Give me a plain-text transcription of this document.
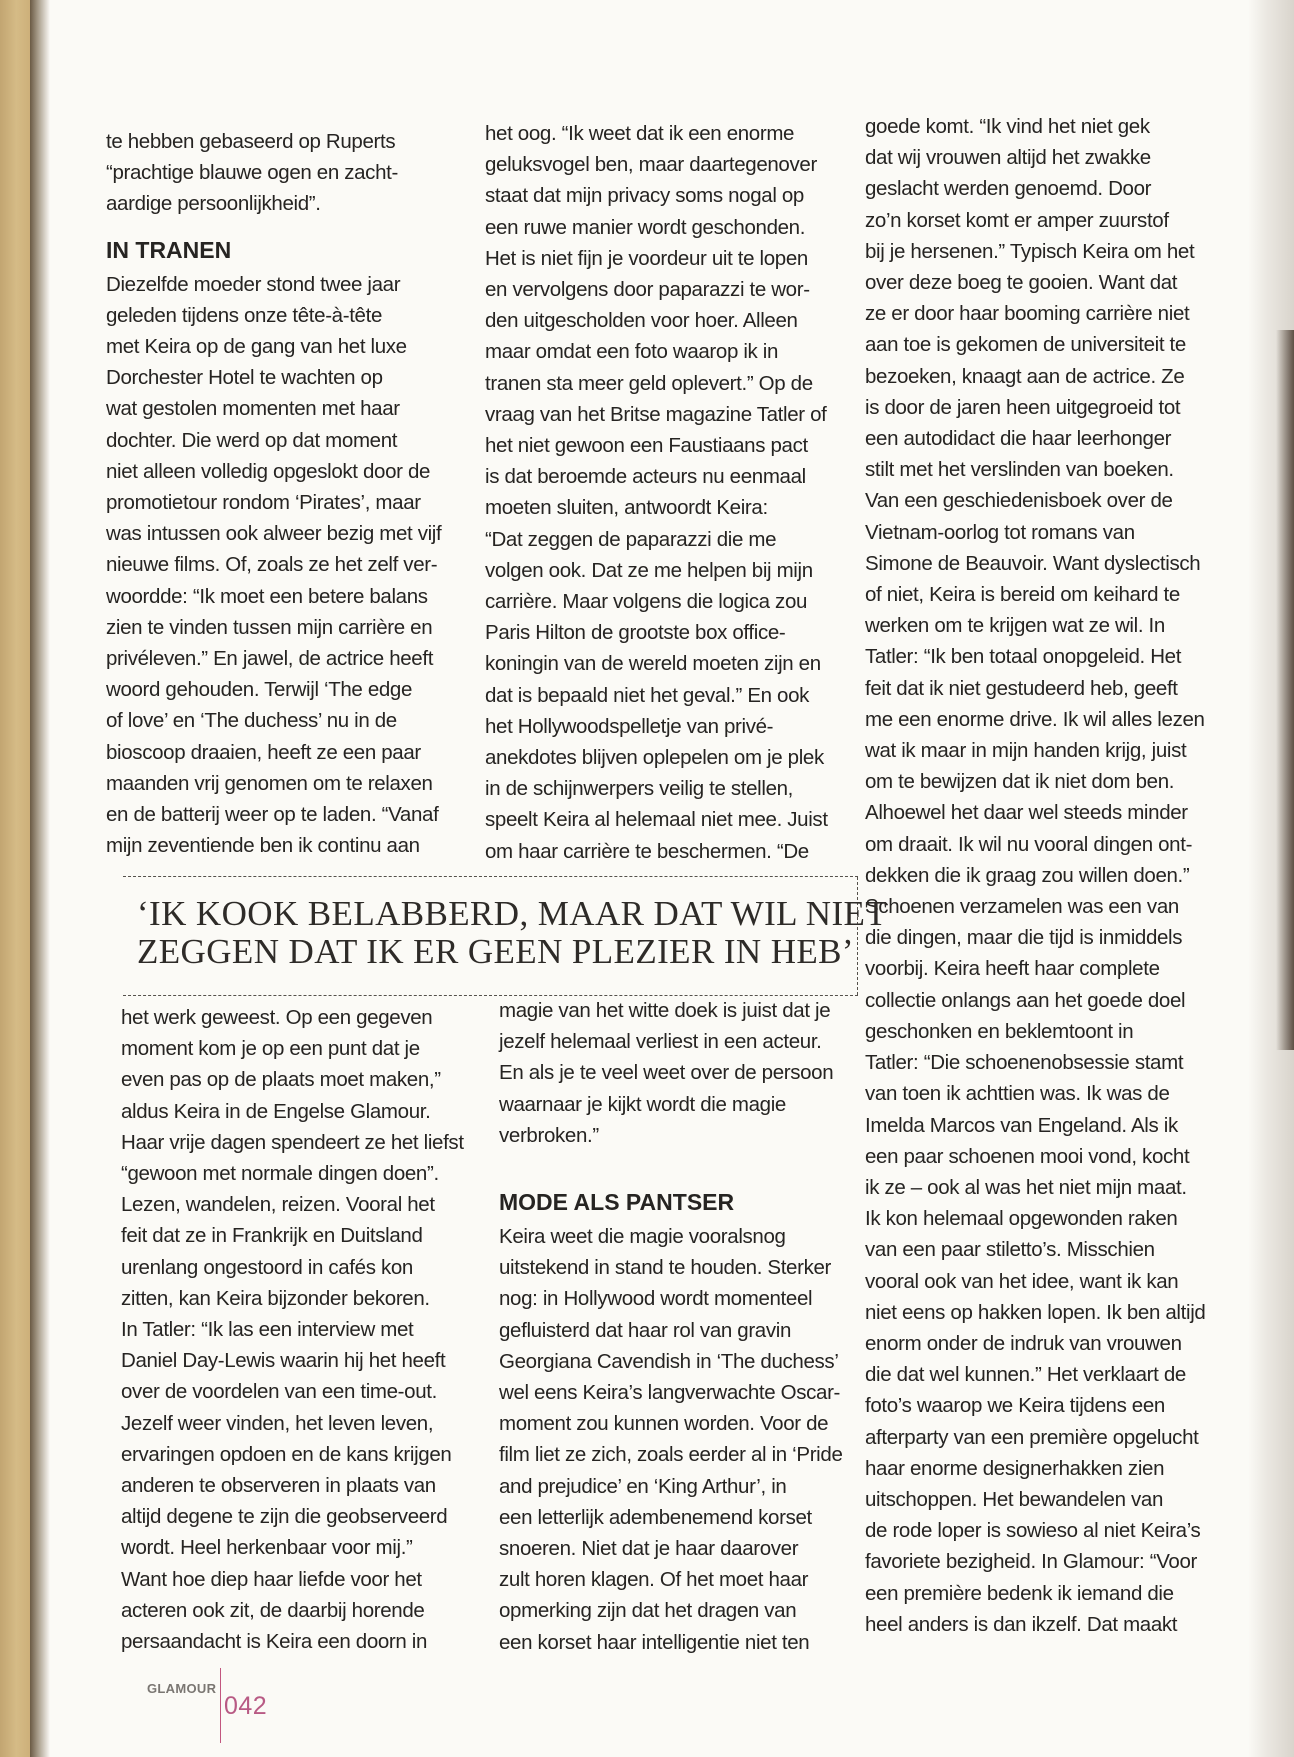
te hebben gebaseerd op Ruperts

“prachtige blauwe ogen en zacht-

aardige persoonlijkheid”.

IN TRANEN

Diezelfde moeder stond twee jaar

geleden tijdens onze tête-à-tête

met Keira op de gang van het luxe

Dorchester Hotel te wachten op

wat gestolen momenten met haar

dochter. Die werd op dat moment

niet alleen volledig opgeslokt door de

promotietour rondom ‘Pirates’, maar

was intussen ook alweer bezig met vijf

nieuwe films. Of, zoals ze het zelf ver-

woordde: “Ik moet een betere balans

zien te vinden tussen mijn carrière en

privéleven.” En jawel, de actrice heeft

woord gehouden. Terwijl ‘The edge

of love’ en ‘The duchess’ nu in de

bioscoop draaien, heeft ze een paar

maanden vrij genomen om te relaxen

en de batterij weer op te laden. “Vanaf

mijn zeventiende ben ik continu aan

het oog. “Ik weet dat ik een enorme

geluksvogel ben, maar daartegenover

staat dat mijn privacy soms nogal op

een ruwe manier wordt geschonden.

Het is niet fijn je voordeur uit te lopen

en vervolgens door paparazzi te wor-

den uitgescholden voor hoer. Alleen

maar omdat een foto waarop ik in

tranen sta meer geld oplevert.” Op de

vraag van het Britse magazine Tatler of

het niet gewoon een Faustiaans pact

is dat beroemde acteurs nu eenmaal

moeten sluiten, antwoordt Keira:

“Dat zeggen de paparazzi die me

volgen ook. Dat ze me helpen bij mijn

carrière. Maar volgens die logica zou

Paris Hilton de grootste box office-

koningin van de wereld moeten zijn en

dat is bepaald niet het geval.” En ook

het Hollywoodspelletje van privé-

anekdotes blijven oplepelen om je plek

in de schijnwerpers veilig te stellen,

speelt Keira al helemaal niet mee. Juist

om haar carrière te beschermen. “De

goede komt. “Ik vind het niet gek

dat wij vrouwen altijd het zwakke

geslacht werden genoemd. Door

zo’n korset komt er amper zuurstof

bij je hersenen.” Typisch Keira om het

over deze boeg te gooien. Want dat

ze er door haar booming carrière niet

aan toe is gekomen de universiteit te

bezoeken, knaagt aan de actrice. Ze

is door de jaren heen uitgegroeid tot

een autodidact die haar leerhonger

stilt met het verslinden van boeken.

Van een geschiedenisboek over de

Vietnam-oorlog tot romans van

Simone de Beauvoir. Want dyslectisch

of niet, Keira is bereid om keihard te

werken om te krijgen wat ze wil. In

Tatler: “Ik ben totaal onopgeleid. Het

feit dat ik niet gestudeerd heb, geeft

me een enorme drive. Ik wil alles lezen

wat ik maar in mijn handen krijg, juist

om te bewijzen dat ik niet dom ben.

Alhoewel het daar wel steeds minder

om draait. Ik wil nu vooral dingen ont-

dekken die ik graag zou willen doen.”

Schoenen verzamelen was een van

die dingen, maar die tijd is inmiddels

voorbij. Keira heeft haar complete

collectie onlangs aan het goede doel

geschonken en beklemtoont in

Tatler: “Die schoenenobsessie stamt

van toen ik achttien was. Ik was de

Imelda Marcos van Engeland. Als ik

een paar schoenen mooi vond, kocht

ik ze – ook al was het niet mijn maat.

Ik kon helemaal opgewonden raken

van een paar stiletto’s. Misschien

vooral ook van het idee, want ik kan

niet eens op hakken lopen. Ik ben altijd

enorm onder de indruk van vrouwen

die dat wel kunnen.” Het verklaart de

foto’s waarop we Keira tijdens een

afterparty van een première opgelucht

haar enorme designerhakken zien

uitschoppen. Het bewandelen van

de rode loper is sowieso al niet Keira’s

favoriete bezigheid. In Glamour: “Voor

een première bedenk ik iemand die

heel anders is dan ikzelf. Dat maakt

‘IK KOOK BELABBERD, MAAR DAT WIL NIET
ZEGGEN DAT IK ER GEEN PLEZIER IN HEB’

het werk geweest. Op een gegeven

moment kom je op een punt dat je

even pas op de plaats moet maken,”

aldus Keira in de Engelse Glamour.

Haar vrije dagen spendeert ze het liefst

“gewoon met normale dingen doen”.

Lezen, wandelen, reizen. Vooral het

feit dat ze in Frankrijk en Duitsland

urenlang ongestoord in cafés kon

zitten, kan Keira bijzonder bekoren.

In Tatler: “Ik las een interview met

Daniel Day-Lewis waarin hij het heeft

over de voordelen van een time-out.

Jezelf weer vinden, het leven leven,

ervaringen opdoen en de kans krijgen

anderen te observeren in plaats van

altijd degene te zijn die geobserveerd

wordt. Heel herkenbaar voor mij.”

Want hoe diep haar liefde voor het

acteren ook zit, de daarbij horende

persaandacht is Keira een doorn in

magie van het witte doek is juist dat je

jezelf helemaal verliest in een acteur.

En als je te veel weet over de persoon

waarnaar je kijkt wordt die magie

verbroken.”

MODE ALS PANTSER

Keira weet die magie vooralsnog

uitstekend in stand te houden. Sterker

nog: in Hollywood wordt momenteel

gefluisterd dat haar rol van gravin

Georgiana Cavendish in ‘The duchess’

wel eens Keira’s langverwachte Oscar-

moment zou kunnen worden. Voor de

film liet ze zich, zoals eerder al in ‘Pride

and prejudice’ en ‘King Arthur’, in

een letterlijk adembenemend korset

snoeren. Niet dat je haar daarover

zult horen klagen. Of het moet haar

opmerking zijn dat het dragen van

een korset haar intelligentie niet ten

GLAMOUR
042
